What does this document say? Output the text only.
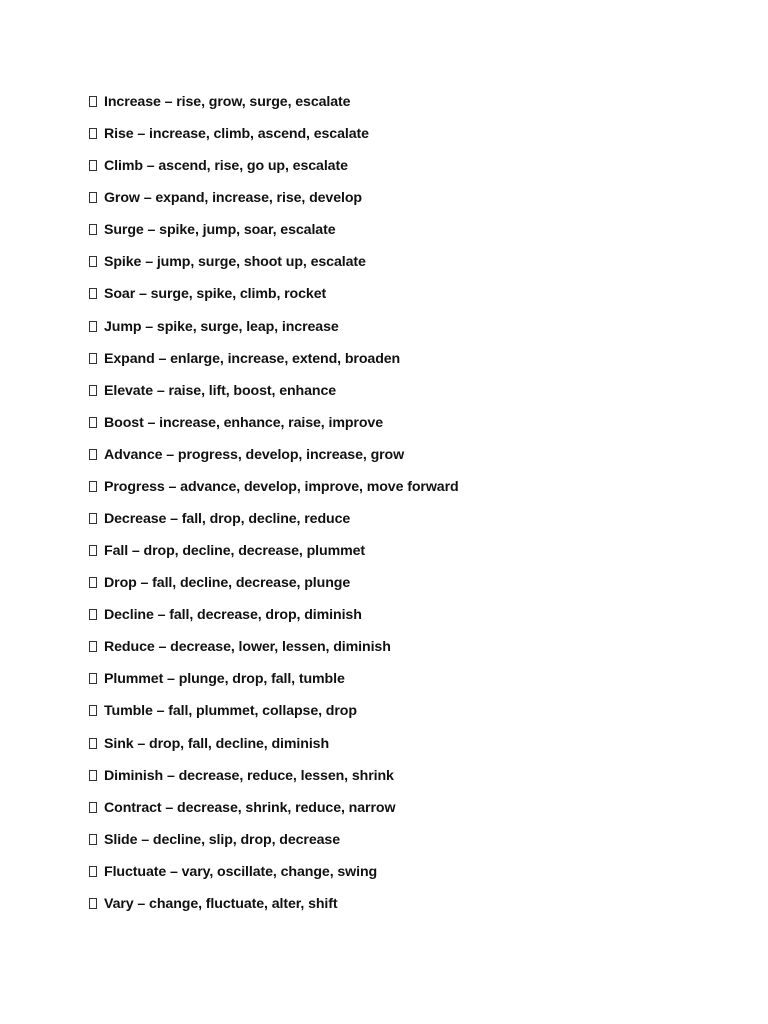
Increase – rise, grow, surge, escalate
Rise – increase, climb, ascend, escalate
Climb – ascend, rise, go up, escalate
Grow – expand, increase, rise, develop
Surge – spike, jump, soar, escalate
Spike – jump, surge, shoot up, escalate
Soar – surge, spike, climb, rocket
Jump – spike, surge, leap, increase
Expand – enlarge, increase, extend, broaden
Elevate – raise, lift, boost, enhance
Boost – increase, enhance, raise, improve
Advance – progress, develop, increase, grow
Progress – advance, develop, improve, move forward
Decrease – fall, drop, decline, reduce
Fall – drop, decline, decrease, plummet
Drop – fall, decline, decrease, plunge
Decline – fall, decrease, drop, diminish
Reduce – decrease, lower, lessen, diminish
Plummet – plunge, drop, fall, tumble
Tumble – fall, plummet, collapse, drop
Sink – drop, fall, decline, diminish
Diminish – decrease, reduce, lessen, shrink
Contract – decrease, shrink, reduce, narrow
Slide – decline, slip, drop, decrease
Fluctuate – vary, oscillate, change, swing
Vary – change, fluctuate, alter, shift
